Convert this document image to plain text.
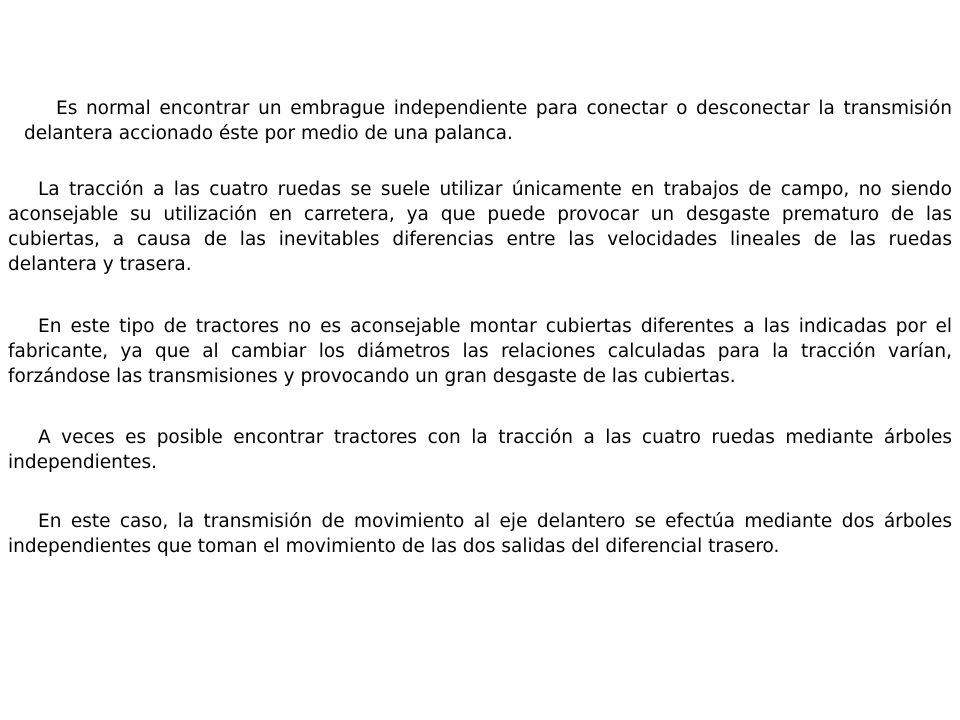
Es normal encontrar un embrague independiente para conectar o desconectar la transmisión
delantera accionado éste por medio de una palanca.
La tracción a las cuatro ruedas se suele utilizar únicamente en trabajos de campo, no siendo
aconsejable su utilización en carretera, ya que puede provocar un desgaste prematuro de las
cubiertas, a causa de las inevitables diferencias entre las velocidades lineales de las ruedas
delantera y trasera.
En este tipo de tractores no es aconsejable montar cubiertas diferentes a las indicadas por el
fabricante, ya que al cambiar los diámetros las relaciones calculadas para la tracción varían,
forzándose las transmisiones y provocando un gran desgaste de las cubiertas.
A veces es posible encontrar tractores con la tracción a las cuatro ruedas mediante árboles
independientes.
En este caso, la transmisión de movimiento al eje delantero se efectúa mediante dos árboles
independientes que toman el movimiento de las dos salidas del diferencial trasero.
